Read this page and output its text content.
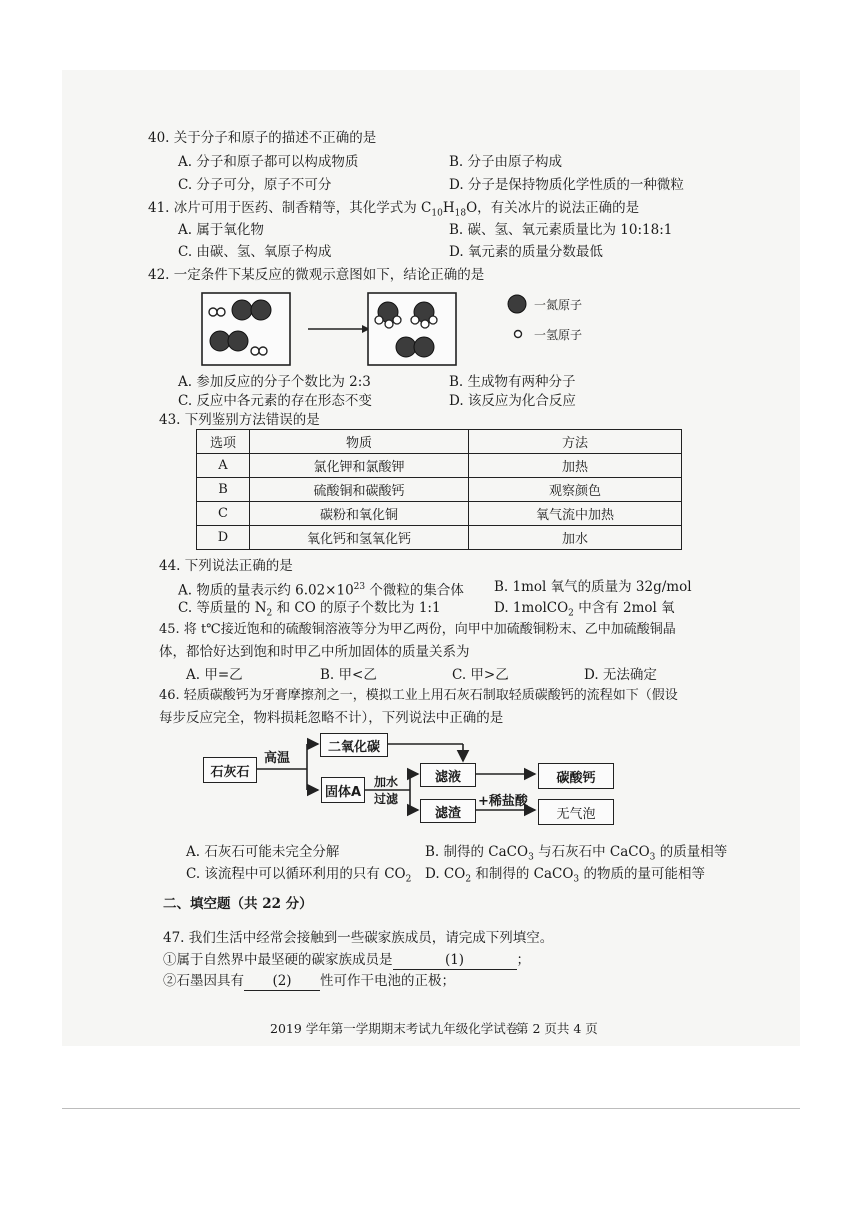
40. 关于分子和原子的描述不正确的是
A. 分子和原子都可以构成物质	B. 分子由原子构成
C. 分子可分，原子不可分	D. 分子是保持物质化学性质的一种微粒
41. 冰片可用于医药、制香精等，其化学式为 $C_{10}H_{18}O$，有关冰片的说法正确的是
A. 属于氧化物	B. 碳、氢、氧元素质量比为 10:18:1
C. 由碳、氢、氧原子构成	D. 氧元素的质量分数最低
42. 一定条件下某反应的微观示意图如下，结论正确的是
一氮原子
一氢原子
A. 参加反应的分子个数比为 2:3	B. 生成物有两种分子
C. 反应中各元素的存在形态不变	D. 该反应为化合反应
43. 下列鉴别方法错误的是
选项	物质	方法
A	氯化钾和氯酸钾	加热
B	硫酸铜和碳酸钙	观察颜色
C	碳粉和氧化铜	氧气流中加热
D	氧化钙和氢氧化钙	加水
44. 下列说法正确的是
A. 物质的量表示约 $6.02\times 10^{23}$ 个微粒的集合体 B. 1mol 氧气的质量为 32g/mol
C. 等质量的 $N_2$ 和 CO 的原子个数比为 1:1	D. 1molCO$_2$ 中含有 2mol 氧
45. 将 t℃接近饱和的硫酸铜溶液等分为甲乙两份，向甲中加硫酸铜粉末、乙中加硫酸铜晶
体，都恰好达到饱和时甲乙中所加固体的质量关系为
A. 甲=乙	B. 甲<乙	C. 甲>乙	D. 无法确定
46. 轻质碳酸钙为牙膏摩擦剂之一，模拟工业上用石灰石制取轻质碳酸钙的流程如下（假设
每步反应完全，物料损耗忽略不计），下列说法中正确的是
石灰石
高温
二氧化碳
固体A
加水
过滤
滤液
滤渣
+稀盐酸
碳酸钙
无气泡
A. 石灰石可能未完全分解	B. 制得的 CaCO$_3$ 与石灰石中 CaCO$_3$ 的质量相等
C. 该流程中可以循环利用的只有 $CO_2$ D. $CO_2$ 和制得的 CaCO$_3$ 的物质的量可能相等
二、填空题（共 22 分）
47. 我们生活中经常会接触到一些碳家族成员，请完成下列填空。
①属于自然界中最坚硬的碳家族成员是	(1)	；
②石墨因具有 (2) 性可作干电池的正极；
2019 学年第一学期期末考试九年级化学试卷
第 2 页共 4 页
